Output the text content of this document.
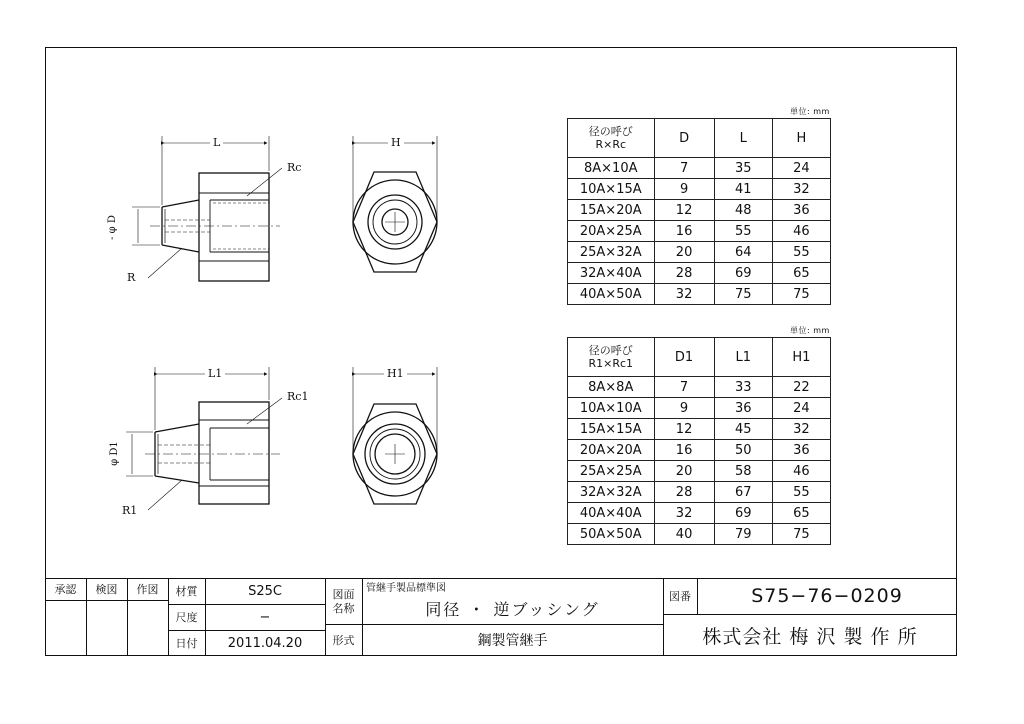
L	H
Rc
- φ D
R
L1	H1
Rc1
φ D1
R1
単位: mm
径の呼び
R×Rc	D	L	H
8A×10A	7	35	24
10A×15A	9	41	32
15A×20A	12	48	36
20A×25A	16	55	46
25A×32A	20	64	55
32A×40A	28	69	65
40A×50A	32	75	75
単位: mm
径の呼び
R1×Rc1	D1	L1	H1
8A×8A	7	33	22
10A×10A	9	36	24
15A×15A	12	45	32
20A×20A	16	50	36
25A×25A	20	58	46
32A×32A	28	67	55
40A×40A	32	69	65
50A×50A	40	79	75
承認	検図	作図	材質	S25C
尺度	−
日付	2011.04.20
図面
名称
管継手製品標準図
同径 ・ 逆ブッシング
形式	鋼製管継手
図番	S75−76−0209
株式会社 梅 沢 製 作 所
